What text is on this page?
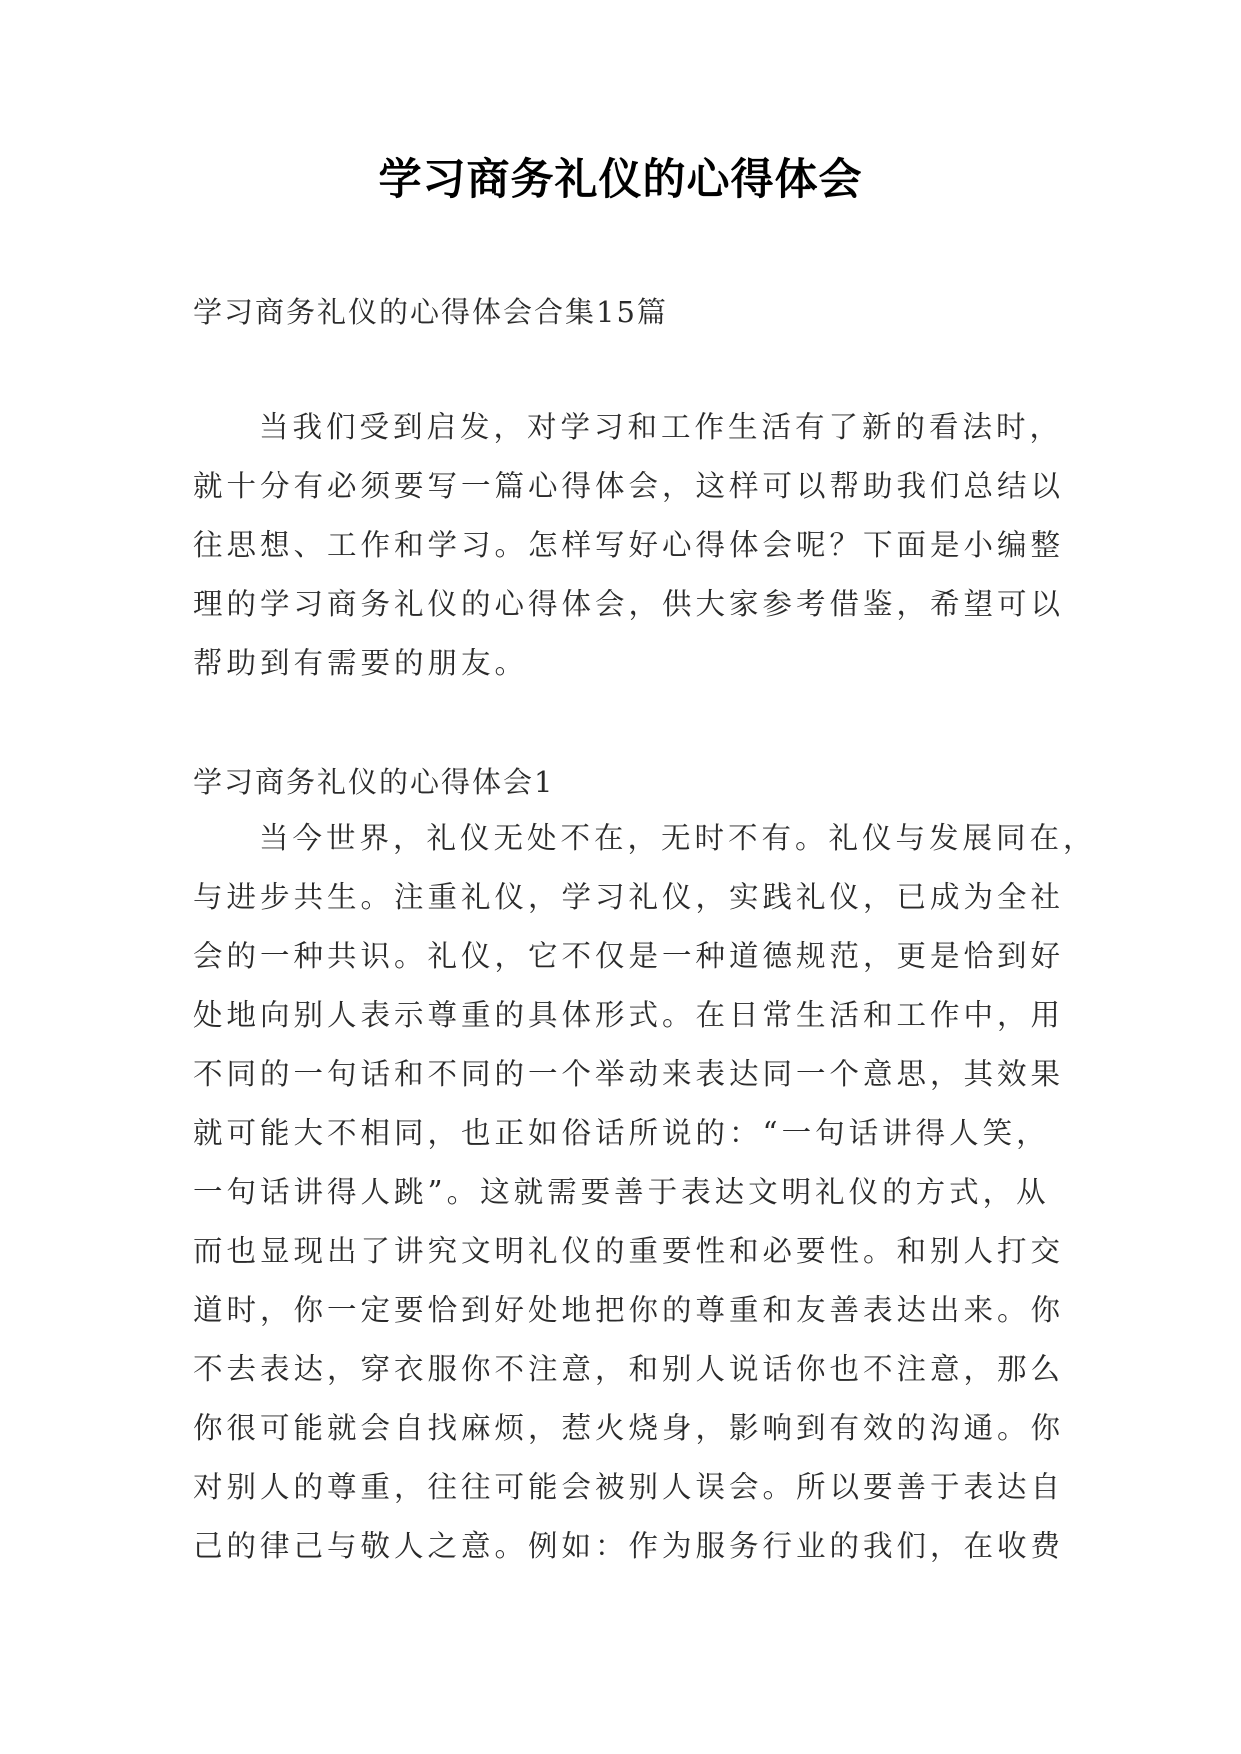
学习商务礼仪的心得体会
学习商务礼仪的心得体会合集15篇
当我们受到启发，对学习和工作生活有了新的看法时，
就十分有必须要写一篇心得体会，这样可以帮助我们总结以
往思想、工作和学习。怎样写好心得体会呢？下面是小编整
理的学习商务礼仪的心得体会，供大家参考借鉴，希望可以
帮助到有需要的朋友。
学习商务礼仪的心得体会1
当今世界，礼仪无处不在，无时不有。礼仪与发展同在，
与进步共生。注重礼仪，学习礼仪，实践礼仪，已成为全社
会的一种共识。礼仪，它不仅是一种道德规范，更是恰到好
处地向别人表示尊重的具体形式。在日常生活和工作中，用
不同的一句话和不同的一个举动来表达同一个意思，其效果
就可能大不相同，也正如俗话所说的：“一句话讲得人笑，
一句话讲得人跳”。这就需要善于表达文明礼仪的方式，从
而也显现出了讲究文明礼仪的重要性和必要性。和别人打交
道时，你一定要恰到好处地把你的尊重和友善表达出来。你
不去表达，穿衣服你不注意，和别人说话你也不注意，那么
你很可能就会自找麻烦，惹火烧身，影响到有效的沟通。你
对别人的尊重，往往可能会被别人误会。所以要善于表达自
己的律己与敬人之意。例如：作为服务行业的我们，在收费
